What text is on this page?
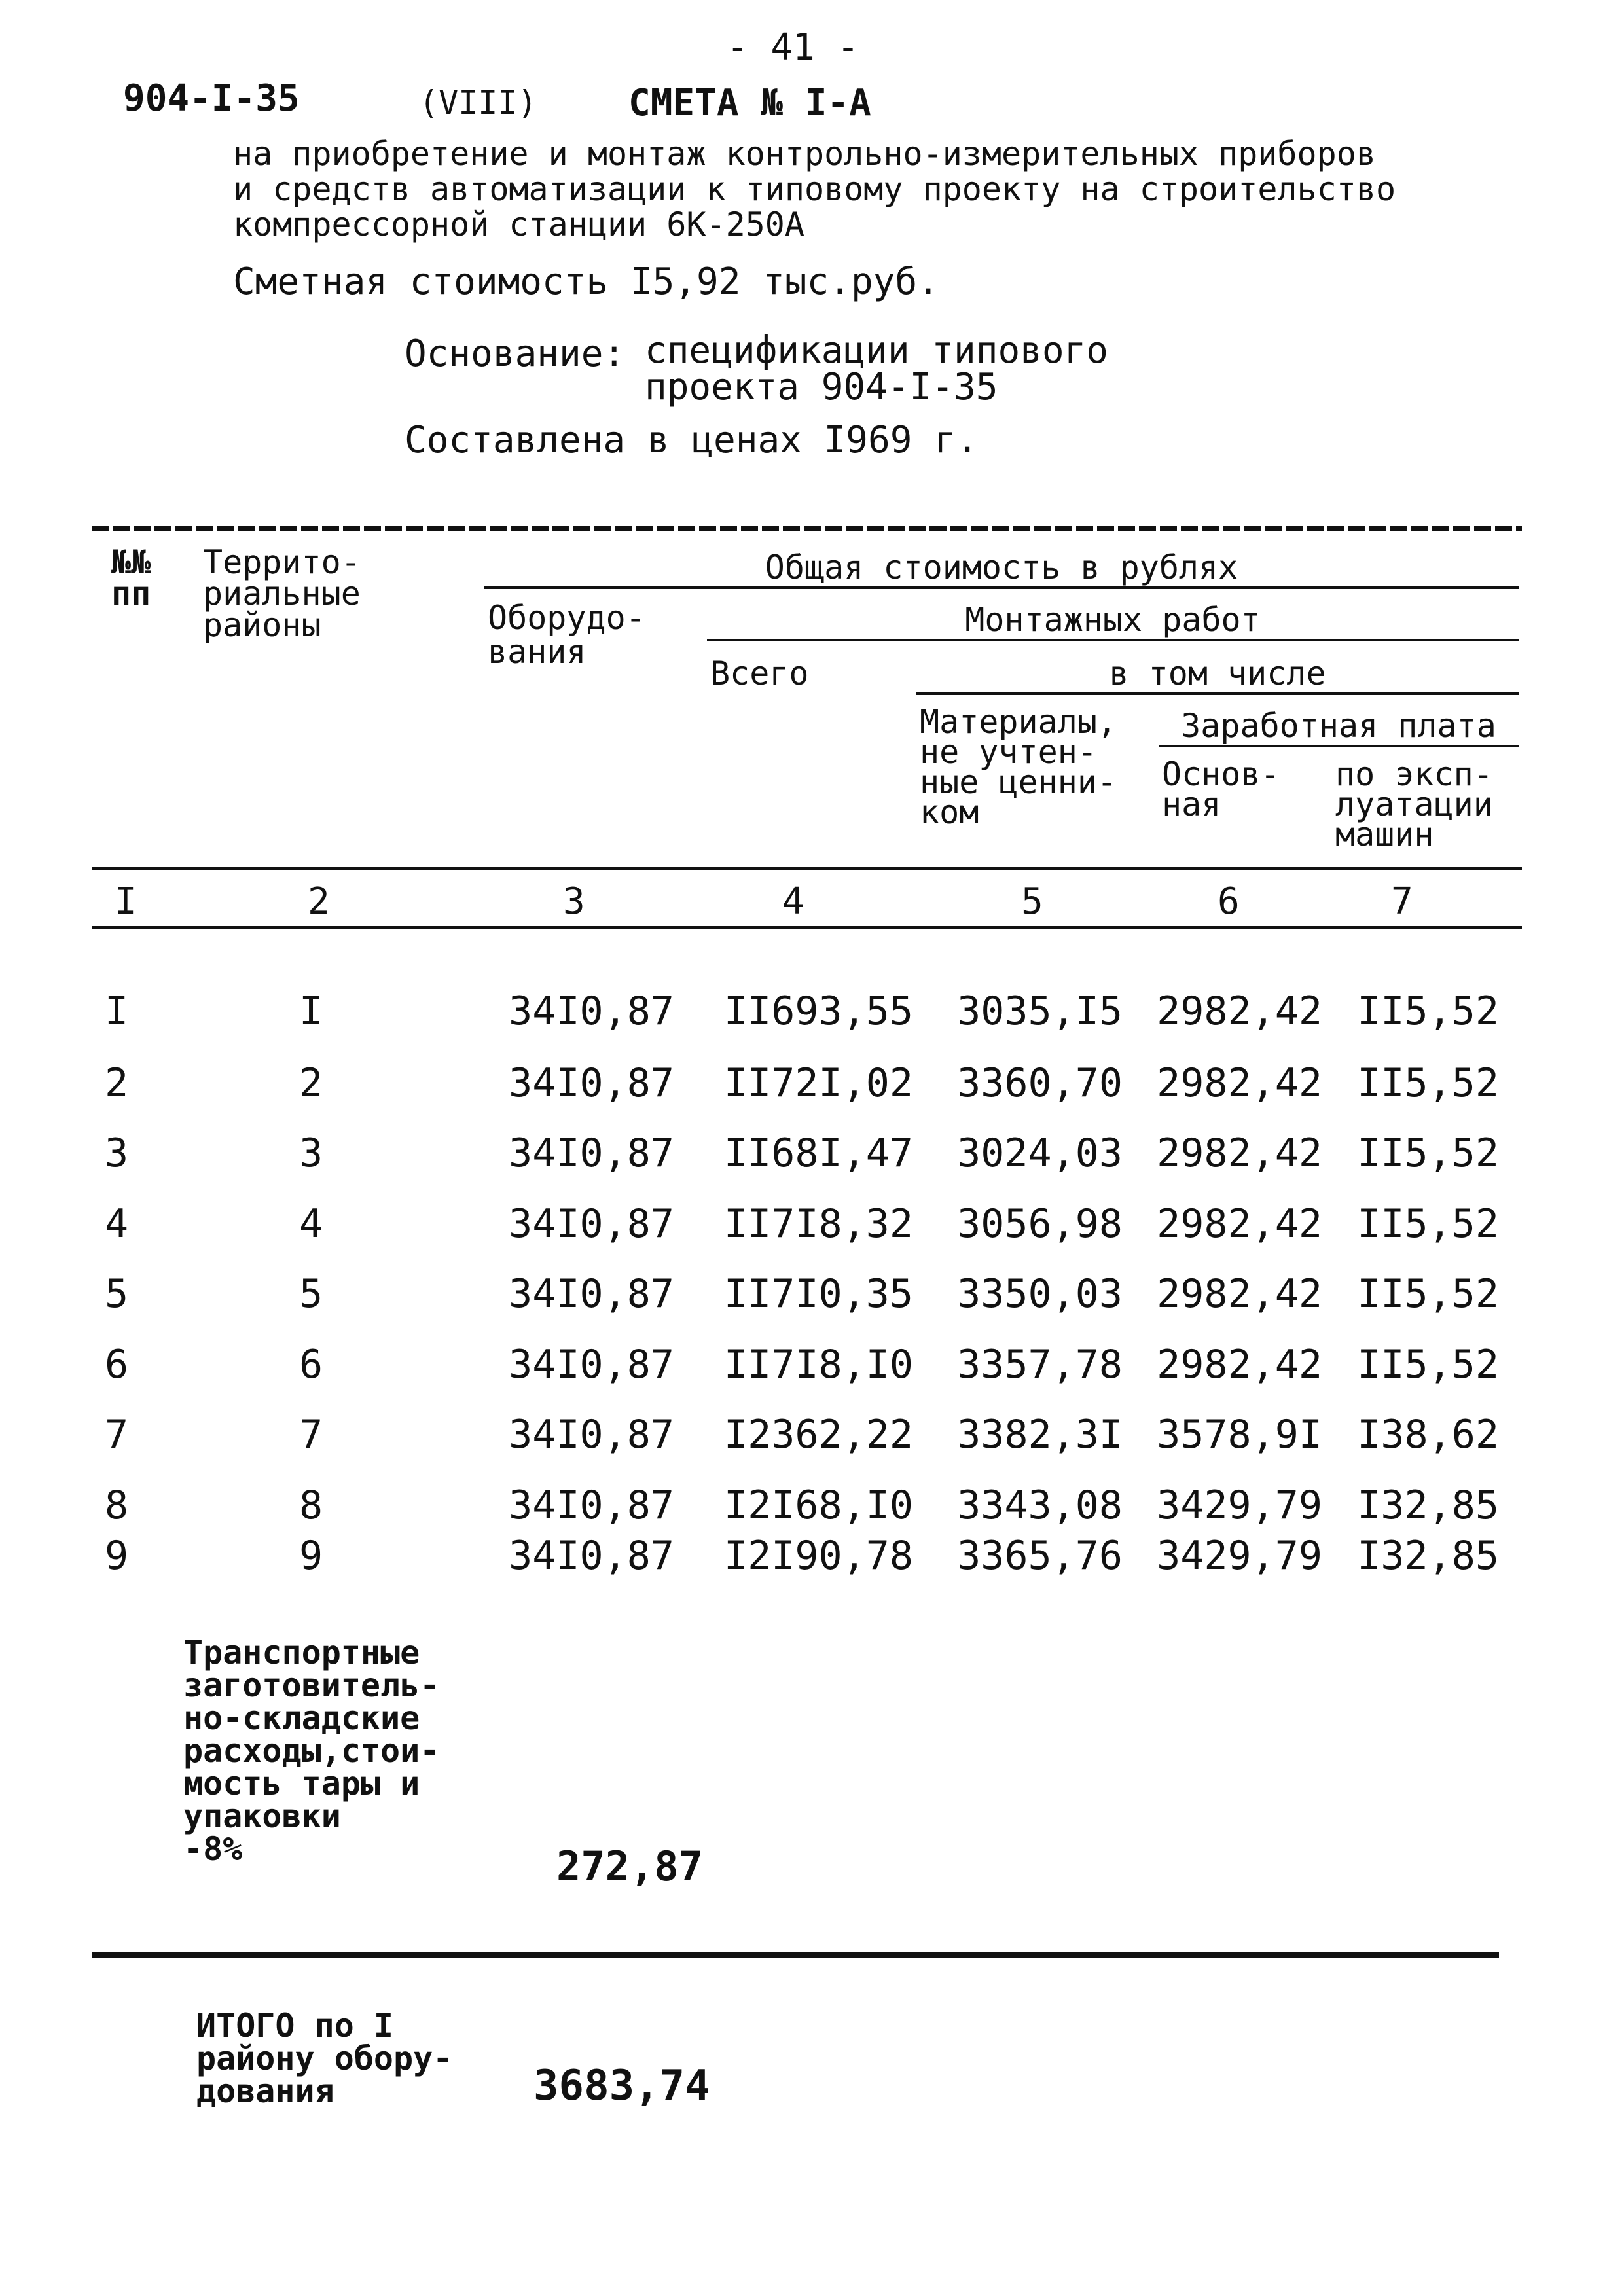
- 41 -
904-I-35	(VIII) СМЕТА № I-А
на приобретение и монтаж контрольно-измерительных приборов
и средств автоматизации к типовому проекту на строительство
компрессорной станции 6К-250А
Сметная стоимость I5,92 тыс.руб.
Основание: спецификации типового
проекта 904-I-35
Составлена в ценах I969 г.
№№ пп
Террито- риальные районы
Общая стоимость в рублях
Оборудо- вания
Монтажных работ
Всего	в том числе
Материалы, не учтен- ные ценни- ком
Заработная плата
Основ- ная
по эксп- луатации машин
I	2	3	4	5	6	7
I	I	34I0,87	II693,55	3035,I5 2982,42 II5,52
2	2	34I0,87	II72I,02	3360,70 2982,42 II5,52
3	3	34I0,87	II68I,47	3024,03 2982,42 II5,52
4	4	34I0,87	II7I8,32	3056,98 2982,42 II5,52
5	5	34I0,87	II7I0,35	3350,03 2982,42 II5,52
6	6	34I0,87	II7I8,I0	3357,78 2982,42 II5,52
7	7	34I0,87	I2362,22	3382,3I 3578,9I I38,62
8	8	34I0,87	I2I68,I0	3343,08 3429,79 I32,85
9	9	34I0,87	I2I90,78	3365,76 3429,79 I32,85
Транспортные
заготовитель-
но-складские
расходы,стои-
мость тары и
упаковки
-8%	272,87
ИТОГО по I
району обору-
дования	3683,74
